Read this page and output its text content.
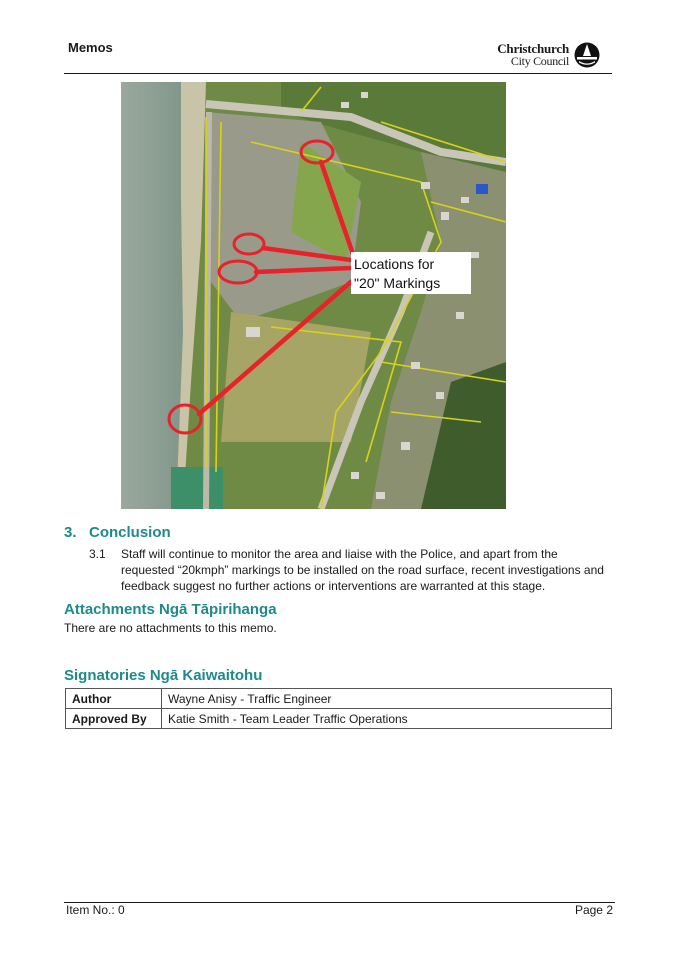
Memos	Christchurch
City Council
Locations for
"20" Markings
3. Conclusion
3.1 Staff will continue to monitor the area and liaise with the Police, and apart from the requested “20kmph” markings to be installed on the road surface, recent investigations and feedback suggest no further actions or interventions are warranted at this stage.
Attachments Ngā Tāpirihanga
There are no attachments to this memo.
Signatories Ngā Kaiwaitohu
Author	Wayne Anisy - Traffic Engineer
Approved By	Katie Smith - Team Leader Traffic Operations
Item No.: 0	Page 2
